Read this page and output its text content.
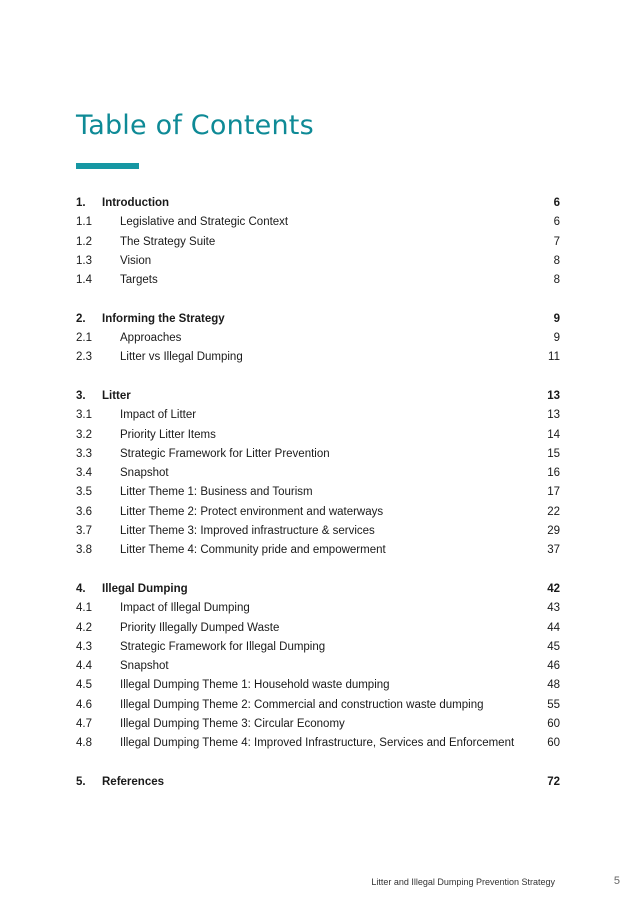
Table of Contents
1. Introduction	6
1.1 Legislative and Strategic Context	6
1.2 The Strategy Suite	7
1.3 Vision	8
1.4 Targets	8
2. Informing the Strategy	9
2.1 Approaches	9
2.3 Litter vs Illegal Dumping	11
3. Litter	13
3.1 Impact of Litter	13
3.2 Priority Litter Items	14
3.3 Strategic Framework for Litter Prevention	15
3.4 Snapshot	16
3.5 Litter Theme 1: Business and Tourism	17
3.6 Litter Theme 2: Protect environment and waterways	22
3.7 Litter Theme 3: Improved infrastructure & services	29
3.8 Litter Theme 4: Community pride and empowerment	37
4. Illegal Dumping	42
4.1 Impact of Illegal Dumping	43
4.2 Priority Illegally Dumped Waste	44
4.3 Strategic Framework for Illegal Dumping	45
4.4 Snapshot	46
4.5 Illegal Dumping Theme 1: Household waste dumping	48
4.6 Illegal Dumping Theme 2: Commercial and construction waste dumping	55
4.7 Illegal Dumping Theme 3: Circular Economy	60
4.8 Illegal Dumping Theme 4: Improved Infrastructure, Services and Enforcement	60
5. References	72
Litter and Illegal Dumping Prevention Strategy	5
